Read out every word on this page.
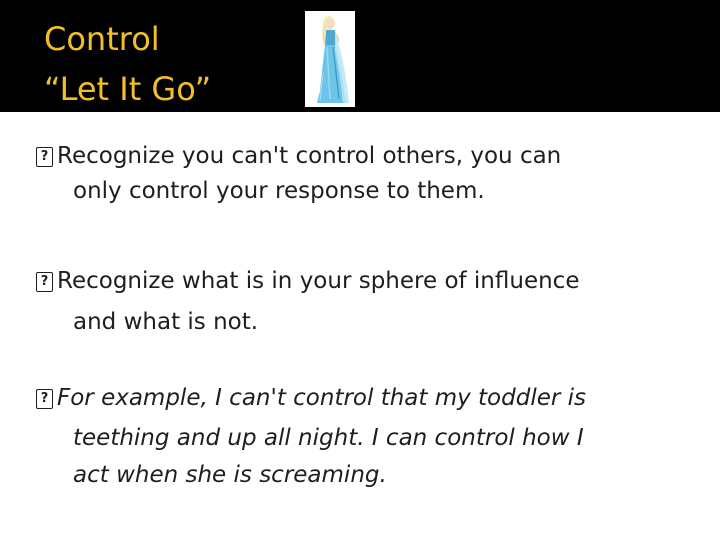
Control
“Let It Go”
? Recognize you can't control others, you can
only control your response to them.
? Recognize what is in your sphere of influence
and what is not.
? For example, I can't control that my toddler is
teething and up all night. I can control how I
act when she is screaming.
